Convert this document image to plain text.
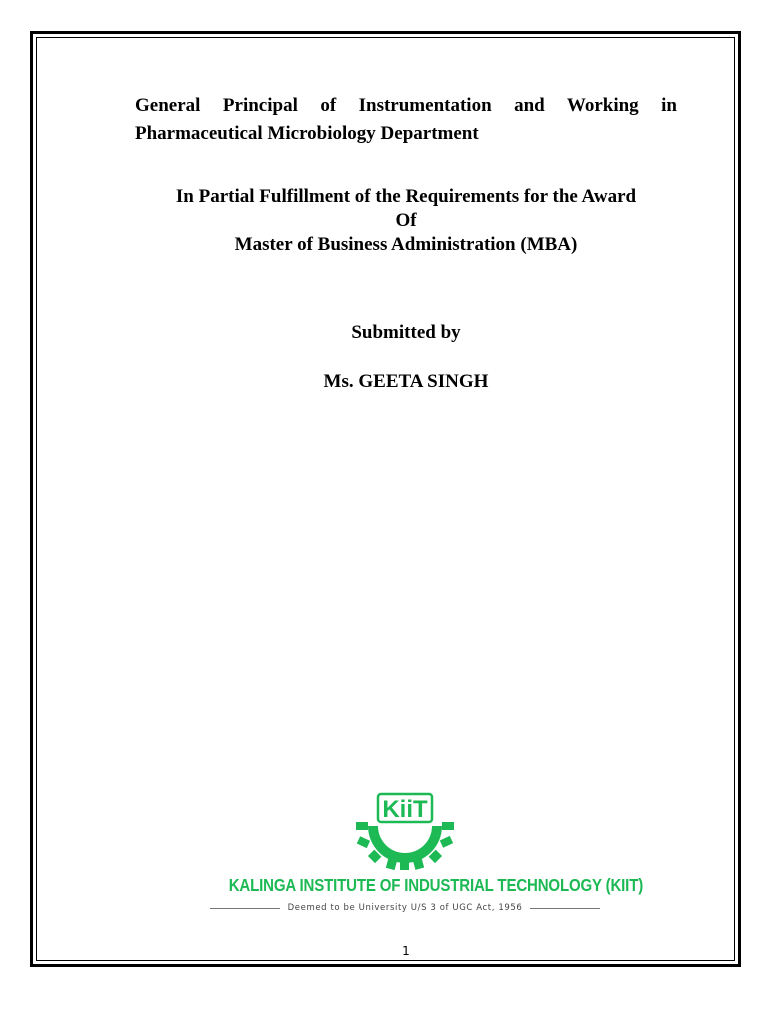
General Principal of Instrumentation and Working in Pharmaceutical Microbiology Department
In Partial Fulfillment of the Requirements for the Award
Of
Master of Business Administration (MBA)
Submitted by
Ms. GEETA SINGH
KiiT
KALINGA INSTITUTE OF INDUSTRIAL TECHNOLOGY (KIIT)
Deemed to be University U/S 3 of UGC Act, 1956
1
